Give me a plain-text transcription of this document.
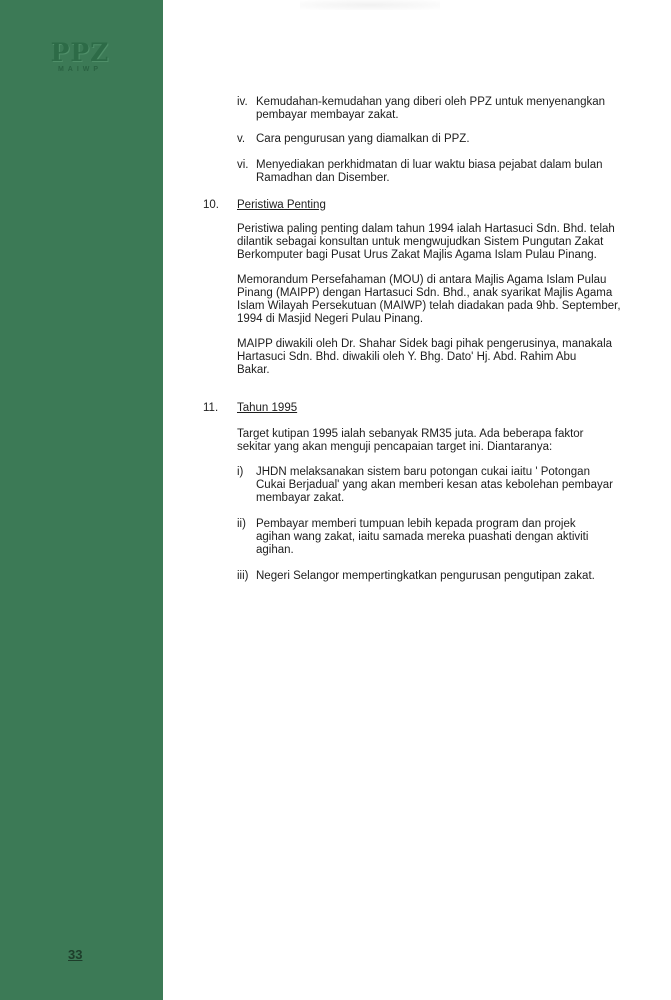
PPZ
MAIWP
33
iv. Kemudahan-kemudahan yang diberi oleh PPZ untuk menyenangkan
pembayar membayar zakat.
v. Cara pengurusan yang diamalkan di PPZ.
vi. Menyediakan perkhidmatan di luar waktu biasa pejabat dalam bulan
Ramadhan dan Disember.
10. Peristiwa Penting
Peristiwa paling penting dalam tahun 1994 ialah Hartasuci Sdn. Bhd. telah
dilantik sebagai konsultan untuk mengwujudkan Sistem Pungutan Zakat
Berkomputer bagi Pusat Urus Zakat Majlis Agama Islam Pulau Pinang.
Memorandum Persefahaman (MOU) di antara Majlis Agama Islam Pulau
Pinang (MAIPP) dengan Hartasuci Sdn. Bhd., anak syarikat Majlis Agama
Islam Wilayah Persekutuan (MAIWP) telah diadakan pada 9hb. September,
1994 di Masjid Negeri Pulau Pinang.
MAIPP diwakili oleh Dr. Shahar Sidek bagi pihak pengerusinya, manakala
Hartasuci Sdn. Bhd. diwakili oleh Y. Bhg. Dato' Hj. Abd. Rahim Abu
Bakar.
11. Tahun 1995
Target kutipan 1995 ialah sebanyak RM35 juta. Ada beberapa faktor
sekitar yang akan menguji pencapaian target ini. Diantaranya:
i) JHDN melaksanakan sistem baru potongan cukai iaitu ' Potongan
Cukai Berjadual' yang akan memberi kesan atas kebolehan pembayar
membayar zakat.
ii) Pembayar memberi tumpuan lebih kepada program dan projek
agihan wang zakat, iaitu samada mereka puashati dengan aktiviti
agihan.
iii) Negeri Selangor mempertingkatkan pengurusan pengutipan zakat.
